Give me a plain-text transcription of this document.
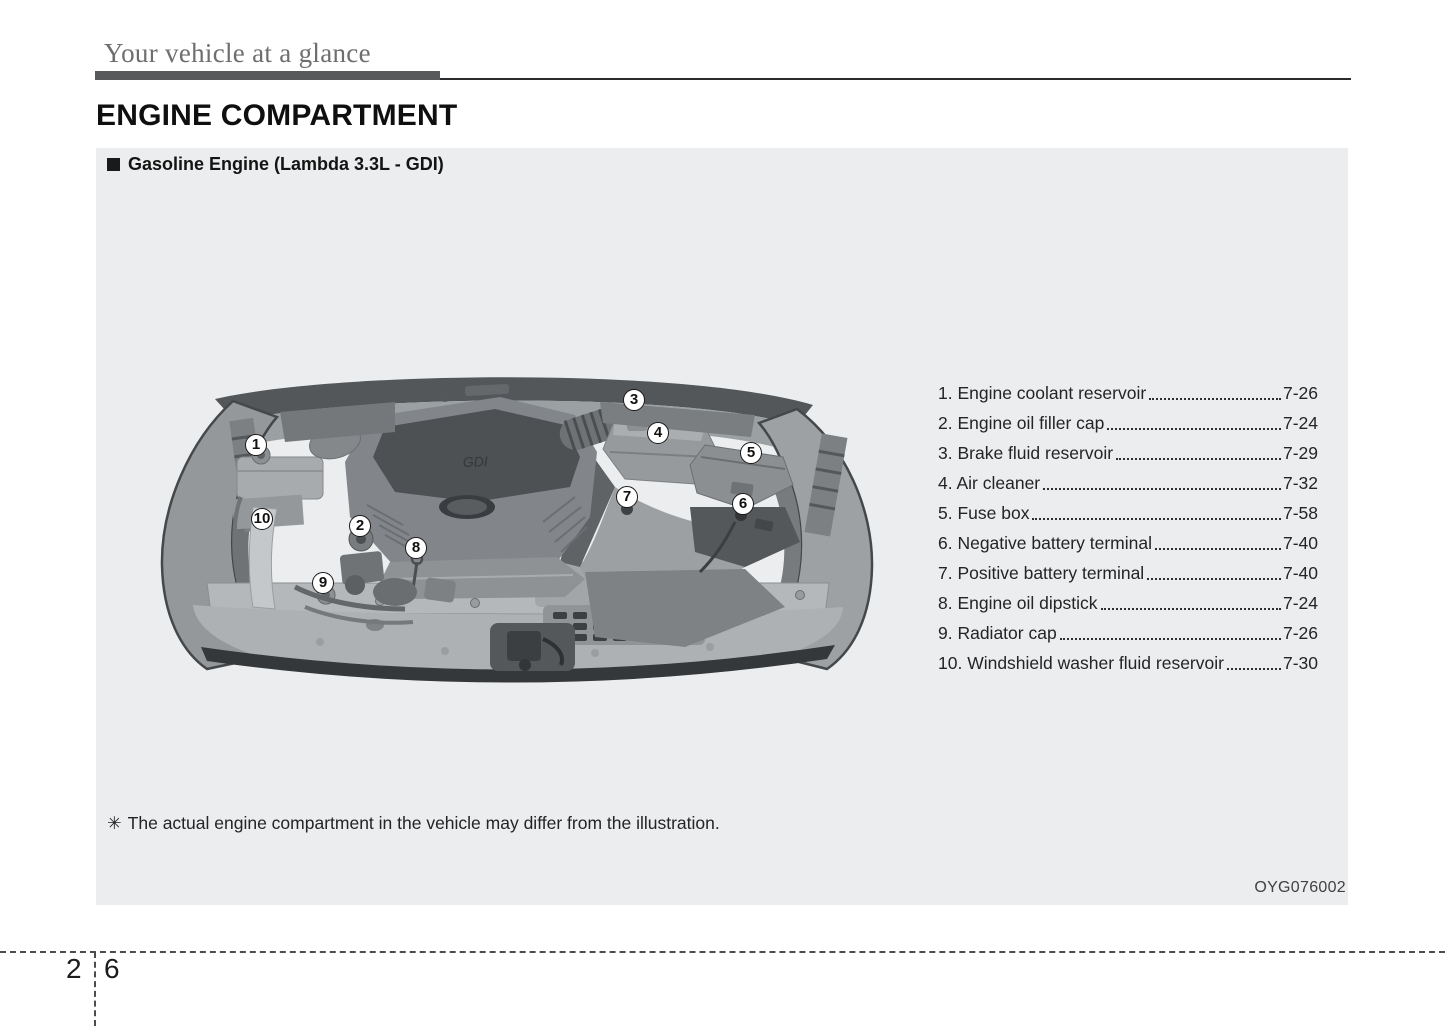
Your vehicle at a glance
ENGINE COMPARTMENT
Gasoline Engine (Lambda 3.3L - GDI)
GDI
1
2
3
4
5
6
7
8
9
10
1. Engine coolant reservoir	7-26
2. Engine oil filler cap	7-24
3. Brake fluid reservoir	7-29
4. Air cleaner	7-32
5. Fuse box	7-58
6. Negative battery terminal	7-40
7. Positive battery terminal	7-40
8. Engine oil dipstick	7-24
9. Radiator cap	7-26
10. Windshield washer fluid reservoir	7-30
✳ The actual engine compartment in the vehicle may differ from the illustration.
OYG076002
2 6
